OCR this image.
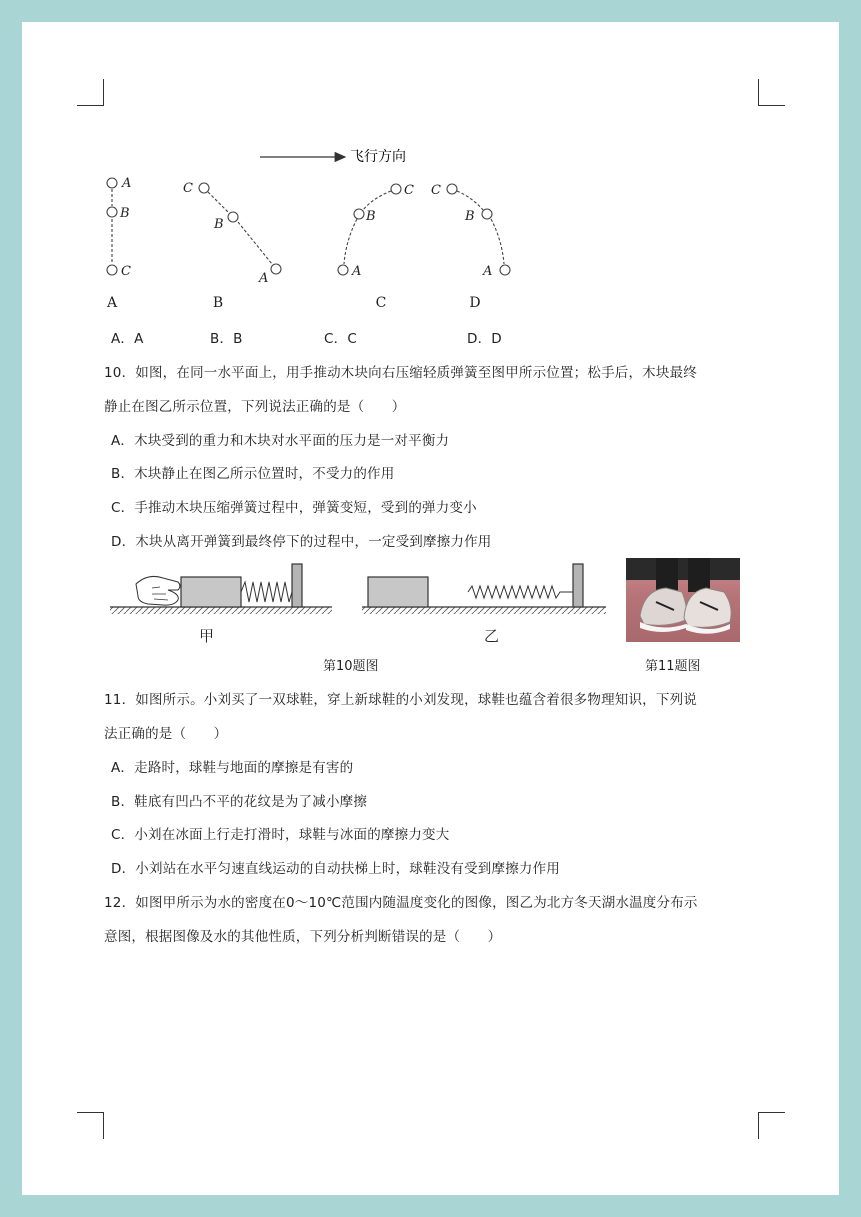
飞行方向
A
B
C
C
B
A
C
B
A
C
B
A
A	B	C	D
A．A	B．B	C．C	D．D
10．如图，在同一水平面上，用手推动木块向右压缩轻质弹簧至图甲所示位置；松手后，木块最终
静止在图乙所示位置，下列说法正确的是（　　）
A．木块受到的重力和木块对水平面的压力是一对平衡力
B．木块静止在图乙所示位置时，不受力的作用
C．手推动木块压缩弹簧过程中，弹簧变短，受到的弹力变小
D．木块从离开弹簧到最终停下的过程中，一定受到摩擦力作用
甲	乙
第10题图	第11题图
11．如图所示。小刘买了一双球鞋，穿上新球鞋的小刘发现，球鞋也蕴含着很多物理知识，下列说
法正确的是（　　）
A．走路时，球鞋与地面的摩擦是有害的
B．鞋底有凹凸不平的花纹是为了减小摩擦
C．小刘在冰面上行走打滑时，球鞋与冰面的摩擦力变大
D．小刘站在水平匀速直线运动的自动扶梯上时，球鞋没有受到摩擦力作用
12．如图甲所示为水的密度在0～10℃范围内随温度变化的图像，图乙为北方冬天湖水温度分布示
意图，根据图像及水的其他性质，下列分析判断错误的是（　　）
